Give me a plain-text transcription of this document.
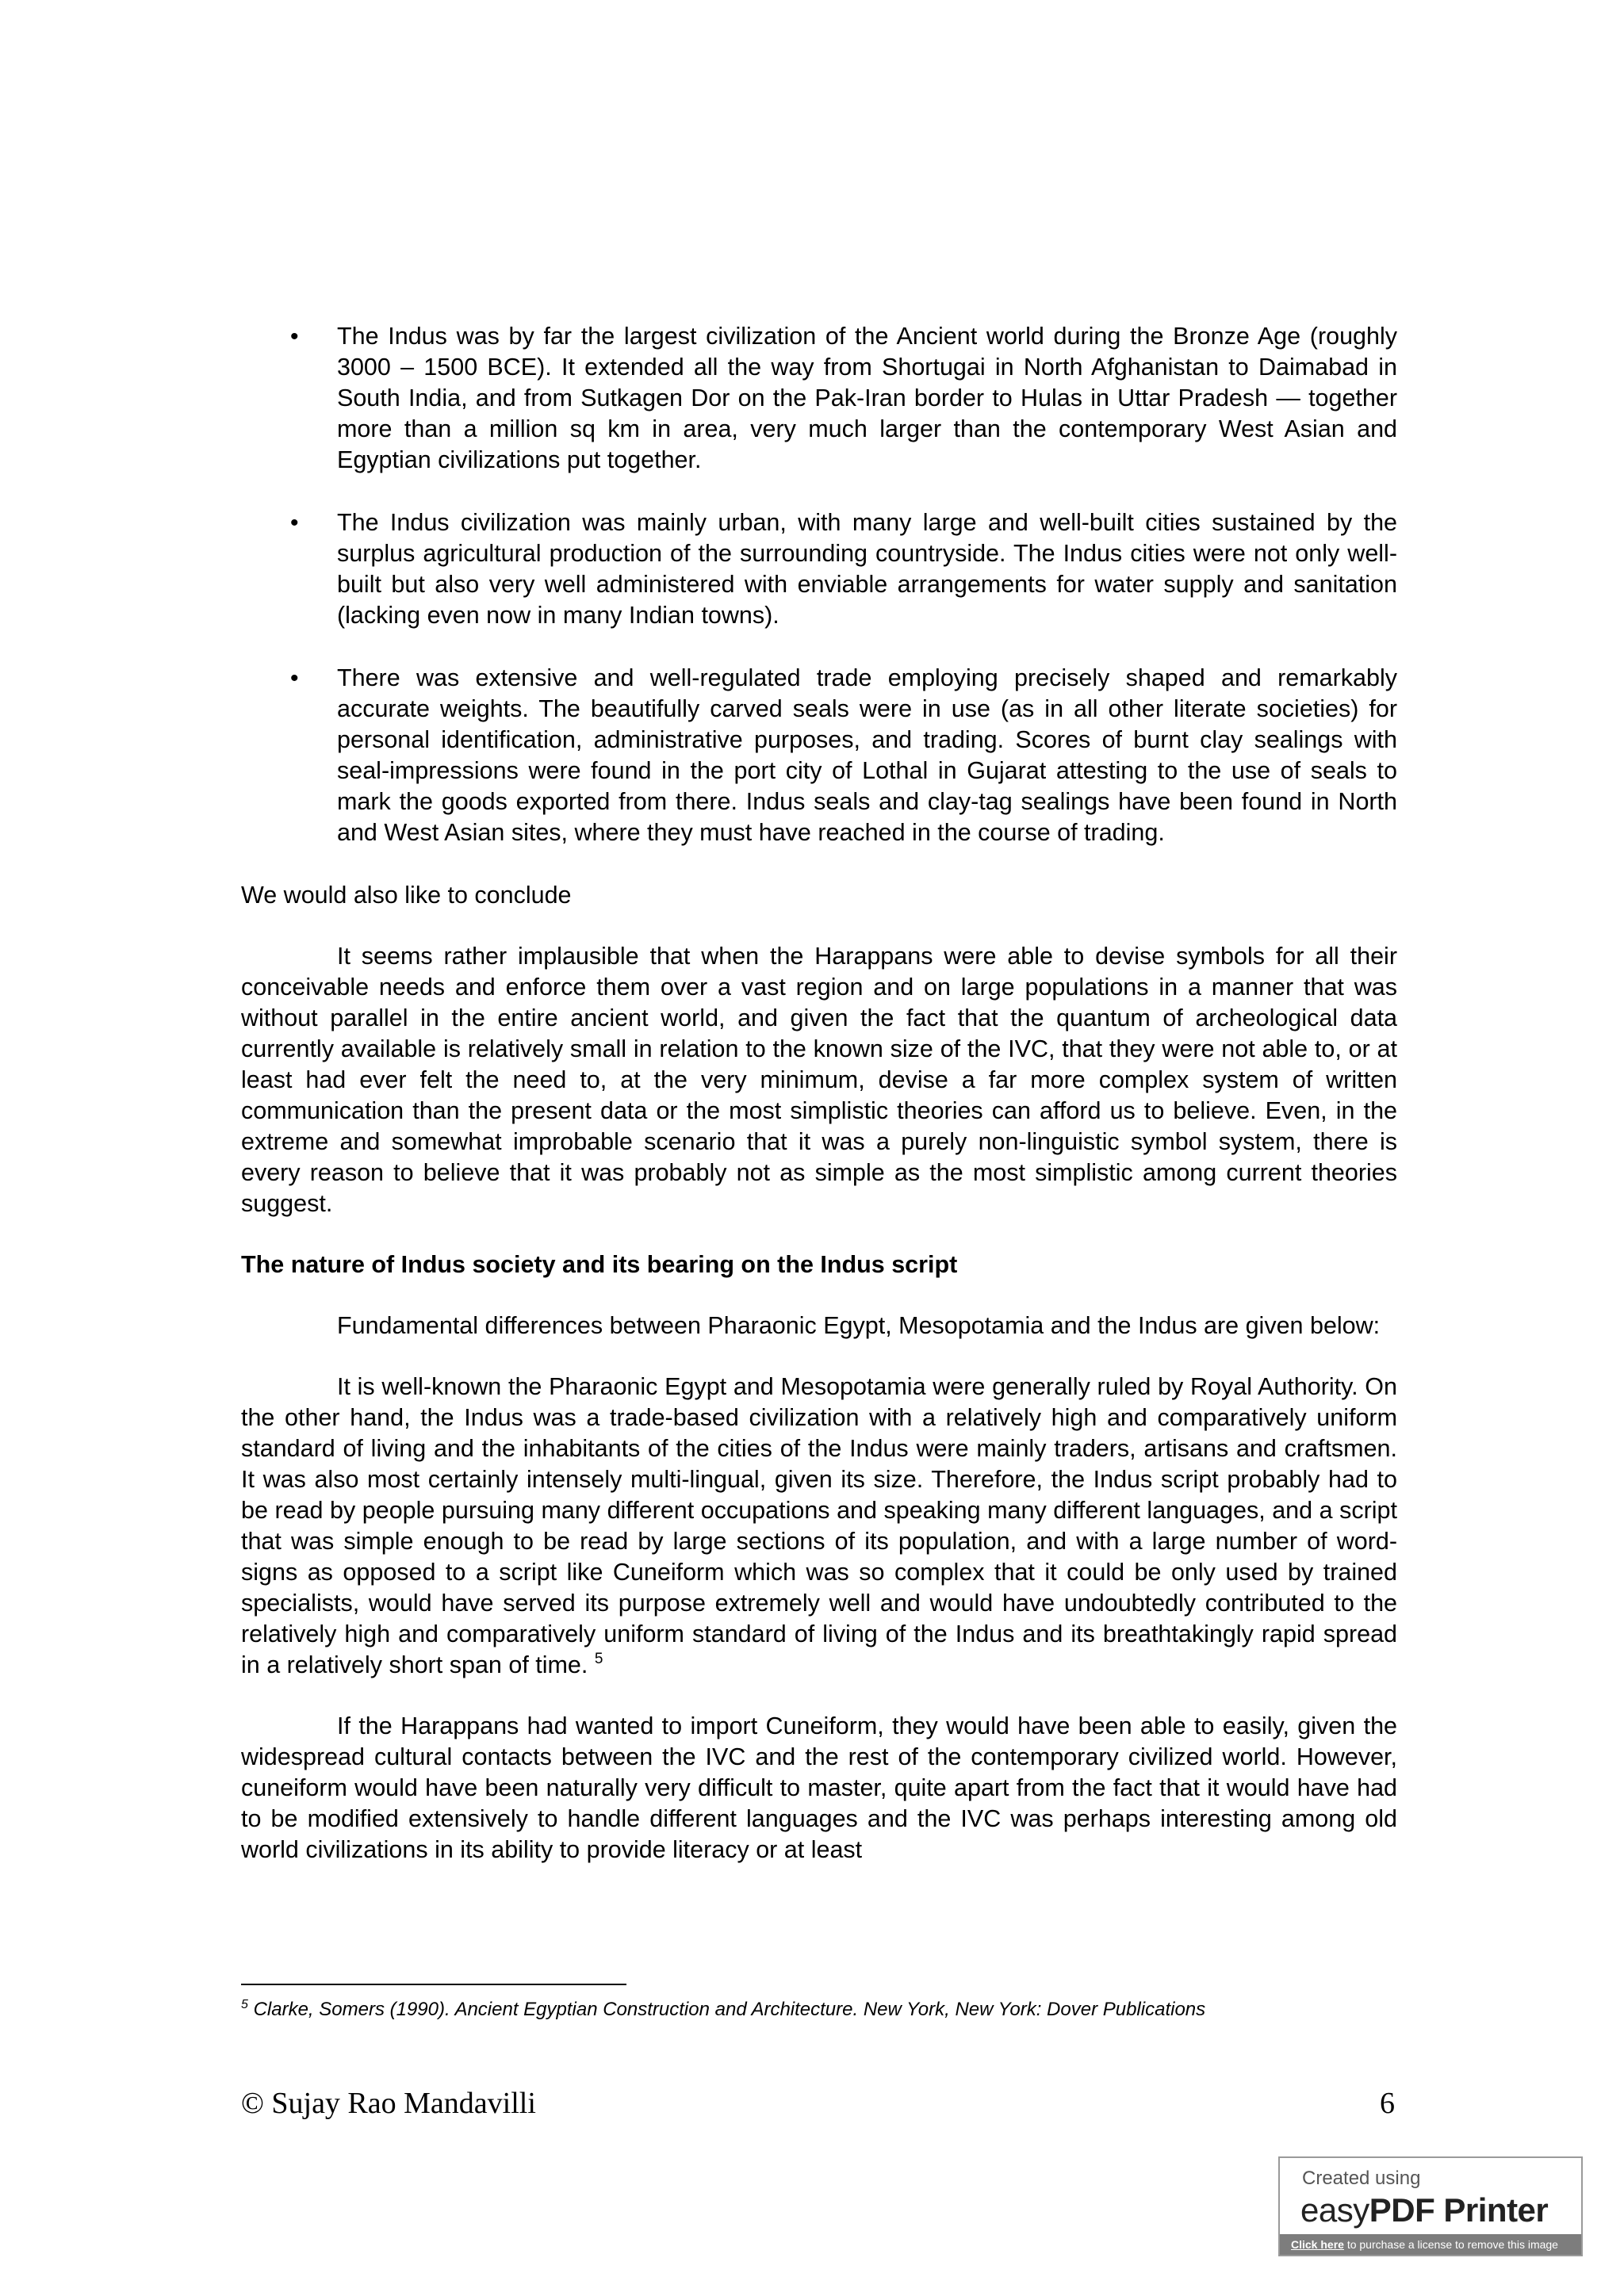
• The Indus was by far the largest civilization of the Ancient world during the Bronze Age (roughly 3000 – 1500 BCE). It extended all the way from Shortugai in North Afghanistan to Daimabad in South India, and from Sutkagen Dor on the Pak-Iran border to Hulas in Uttar Pradesh — together more than a million sq km in area, very much larger than the contemporary West Asian and Egyptian civilizations put together.

• The Indus civilization was mainly urban, with many large and well-built cities sustained by the surplus agricultural production of the surrounding countryside. The Indus cities were not only well-built but also very well administered with enviable arrangements for water supply and sanitation (lacking even now in many Indian towns).

• There was extensive and well-regulated trade employing precisely shaped and remarkably accurate weights. The beautifully carved seals were in use (as in all other literate societies) for personal identification, administrative purposes, and trading. Scores of burnt clay sealings with seal-impressions were found in the port city of Lothal in Gujarat attesting to the use of seals to mark the goods exported from there. Indus seals and clay-tag sealings have been found in North and West Asian sites, where they must have reached in the course of trading.

We would also like to conclude

It seems rather implausible that when the Harappans were able to devise symbols for all their conceivable needs and enforce them over a vast region and on large populations in a manner that was without parallel in the entire ancient world, and given the fact that the quantum of archeological data currently available is relatively small in relation to the known size of the IVC, that they were not able to, or at least had ever felt the need to, at the very minimum, devise a far more complex system of written communication than the present data or the most simplistic theories can afford us to believe. Even, in the extreme and somewhat improbable scenario that it was a purely non-linguistic symbol system, there is every reason to believe that it was probably not as simple as the most simplistic among current theories suggest.

The nature of Indus society and its bearing on the Indus script

Fundamental differences between Pharaonic Egypt, Mesopotamia and the Indus are given below:

It is well-known the Pharaonic Egypt and Mesopotamia were generally ruled by Royal Authority. On the other hand, the Indus was a trade-based civilization with a relatively high and comparatively uniform standard of living and the inhabitants of the cities of the Indus were mainly traders, artisans and craftsmen. It was also most certainly intensely multi-lingual, given its size. Therefore, the Indus script probably had to be read by people pursuing many different occupations and speaking many different languages, and a script that was simple enough to be read by large sections of its population, and with a large number of word-signs as opposed to a script like Cuneiform which was so complex that it could be only used by trained specialists, would have served its purpose extremely well and would have undoubtedly contributed to the relatively high and comparatively uniform standard of living of the Indus and its breathtakingly rapid spread in a relatively short span of time. $^5$

If the Harappans had wanted to import Cuneiform, they would have been able to easily, given the widespread cultural contacts between the IVC and the rest of the contemporary civilized world. However, cuneiform would have been naturally very difficult to master, quite apart from the fact that it would have had to be modified extensively to handle different languages and the IVC was perhaps interesting among old world civilizations in its ability to provide literacy or at least

$^5$ Clarke, Somers (1990). Ancient Egyptian Construction and Architecture. New York, New York: Dover Publications
© Sujay Rao Mandavilli	6
Created using
easyPDF Printer
Click here to purchase a license to remove this image
